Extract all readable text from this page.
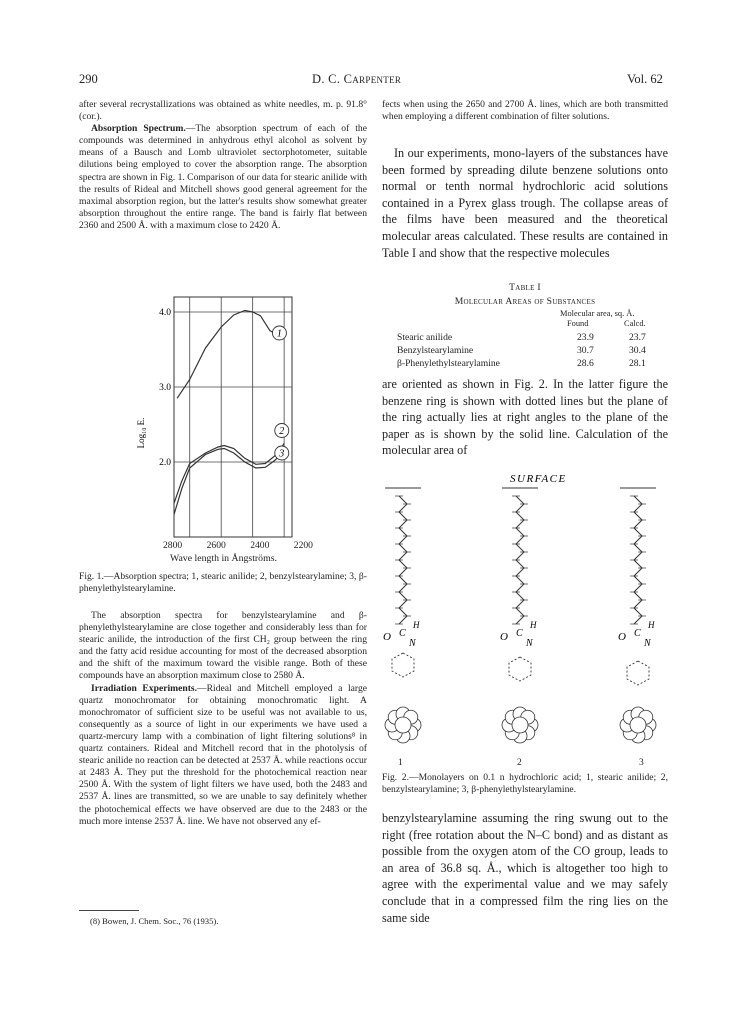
290	D. C. Carpenter	Vol. 62

after several recrystallizations was obtained as white needles, m. p. 91.8° (cor.).

Absorption Spectrum.—The absorption spectrum of each of the compounds was determined in anhydrous ethyl alcohol as solvent by means of a Bausch and Lomb ultraviolet sectorphotometer, suitable dilutions being employed to cover the absorption range. The absorption spectra are shown in Fig. 1. Comparison of our data for stearic anilide with the results of Rideal and Mitchell shows good general agreement for the maximal absorption region, but the latter's results show somewhat greater absorption throughout the entire range. The band is fairly flat between 2360 and 2500 Å. with a maximum close to 2420 Å.

4.0
3.0
2.0
1
2
3
Log₁₀ E.
2800	2600	2400	2200
Wave length in Ångströms.
Fig. 1.—Absorption spectra; 1, stearic anilide; 2, benzylstearylamine; 3, β-phenylethylstearylamine.

The absorption spectra for benzylstearylamine and β-phenylethylstearylamine are close together and considerably less than for stearic anilide, the introduction of the first CH₂ group between the ring and the fatty acid residue accounting for most of the decreased absorption and the shift of the maximum toward the visible range. Both of these compounds have an absorption maximum close to 2580 Å.

Irradiation Experiments.—Rideal and Mitchell employed a large quartz monochromator for obtaining monochromatic light. A monochromator of sufficient size to be useful was not available to us, consequently as a source of light in our experiments we have used a quartz-mercury lamp with a combination of light filtering solutions⁸ in quartz containers. Rideal and Mitchell record that in the photolysis of stearic anilide no reaction can be detected at 2537 Å. while reactions occur at 2483 Å. They put the threshold for the photochemical reaction near 2500 Å. With the system of light filters we have used, both the 2483 and 2537 Å. lines are transmitted, so we are unable to say definitely whether the photochemical effects we have observed are due to the 2483 or the much more intense 2537 Å. line. We have not observed any ef-

(8) Bowen, J. Chem. Soc., 76 (1935).
fects when using the 2650 and 2700 Å. lines, which are both transmitted when employing a different combination of filter solutions.

In our experiments, mono-layers of the substances have been formed by spreading dilute benzene solutions onto normal or tenth normal hydrochloric acid solutions contained in a Pyrex glass trough. The collapse areas of the films have been measured and the theoretical molecular areas calculated. These results are contained in Table I and show that the respective molecules

Table I
Molecular Areas of Substances
Molecular area, sq. Å.
Found	Calcd.
Stearic anilide	23.9	23.7
Benzylstearylamine	30.7	30.4
β-Phenylethylstearylamine	28.6	28.1
are oriented as shown in Fig. 2. In the latter figure the benzene ring is shown with dotted lines but the plane of the ring actually lies at right angles to the plane of the paper as is shown by the solid line. Calculation of the molecular area of
SURFACE
O C
N
H
O C
N
H
O C
N
H
1	2	3
Fig. 2.—Monolayers on 0.1 n hydrochloric acid; 1, stearic anilide; 2, benzylstearylamine; 3, β-phenylethylstearylamine.
benzylstearylamine assuming the ring swung out to the right (free rotation about the N–C bond) and as distant as possible from the oxygen atom of the CO group, leads to an area of 36.8 sq. Å., which is altogether too high to agree with the experimental value and we may safely conclude that in a compressed film the ring lies on the same side
